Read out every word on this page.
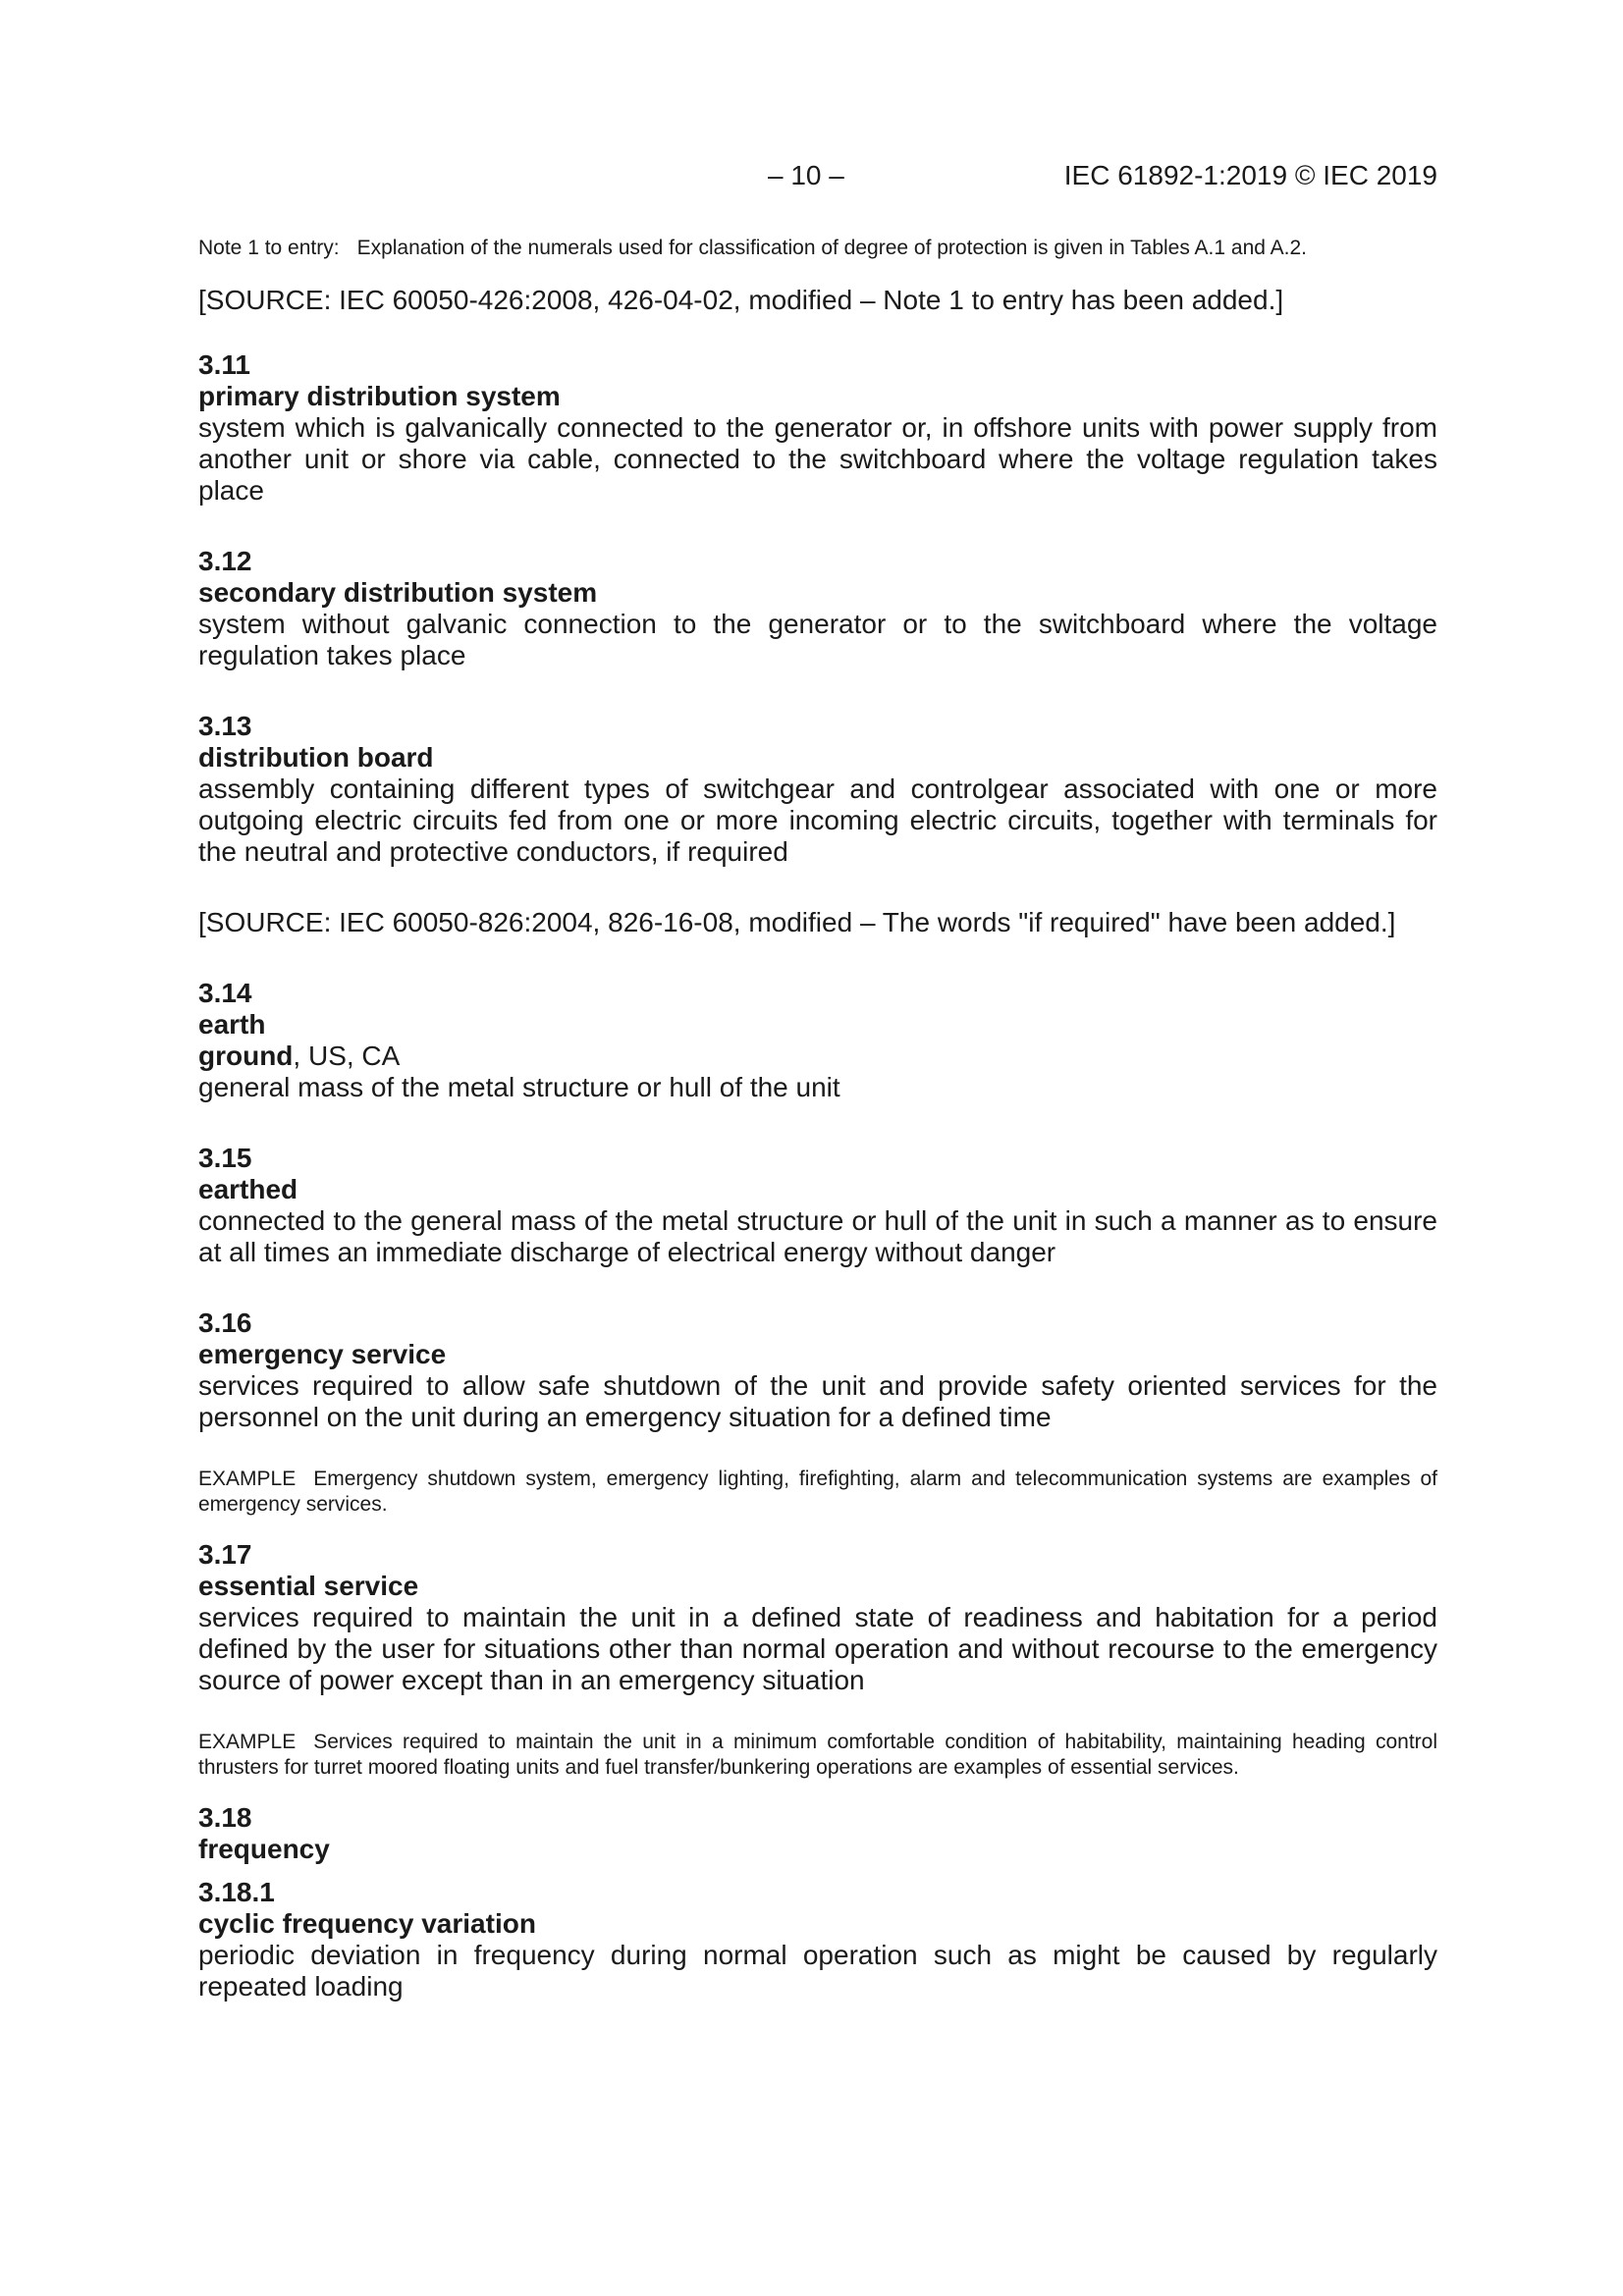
– 10 –	IEC 61892-1:2019 © IEC 2019
Note 1 to entry: Explanation of the numerals used for classification of degree of protection is given in Tables A.1 and A.2.
[SOURCE: IEC 60050-426:2008, 426-04-02, modified – Note 1 to entry has been added.]
3.11
primary distribution system
system which is galvanically connected to the generator or, in offshore units with power supply from another unit or shore via cable, connected to the switchboard where the voltage regulation takes place
3.12
secondary distribution system
system without galvanic connection to the generator or to the switchboard where the voltage regulation takes place
3.13
distribution board
assembly containing different types of switchgear and controlgear associated with one or more outgoing electric circuits fed from one or more incoming electric circuits, together with terminals for the neutral and protective conductors, if required
[SOURCE: IEC 60050-826:2004, 826-16-08, modified – The words "if required" have been added.]
3.14
earth
ground, US, CA
general mass of the metal structure or hull of the unit
3.15
earthed
connected to the general mass of the metal structure or hull of the unit in such a manner as to ensure at all times an immediate discharge of electrical energy without danger
3.16
emergency service
services required to allow safe shutdown of the unit and provide safety oriented services for the personnel on the unit during an emergency situation for a defined time
EXAMPLE Emergency shutdown system, emergency lighting, firefighting, alarm and telecommunication systems are examples of emergency services.
3.17
essential service
services required to maintain the unit in a defined state of readiness and habitation for a period defined by the user for situations other than normal operation and without recourse to the emergency source of power except than in an emergency situation
EXAMPLE Services required to maintain the unit in a minimum comfortable condition of habitability, maintaining heading control thrusters for turret moored floating units and fuel transfer/bunkering operations are examples of essential services.
3.18
frequency
3.18.1
cyclic frequency variation
periodic deviation in frequency during normal operation such as might be caused by regularly repeated loading
